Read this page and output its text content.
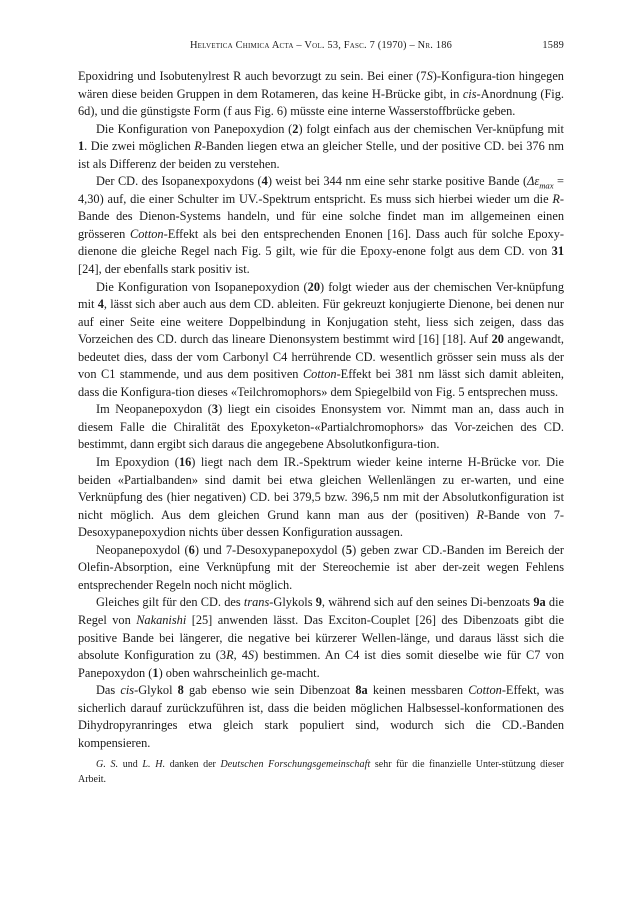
Helvetica Chimica Acta – Vol. 53, Fasc. 7 (1970) – Nr. 186	1589

Epoxidring und Isobutenylrest R auch bevorzugt zu sein. Bei einer (7S)-Konfigura-tion hingegen wären diese beiden Gruppen in dem Rotameren, das keine H-Brücke gibt, in cis-Anordnung (Fig. 6d), und die günstigste Form (f aus Fig. 6) müsste eine interne Wasserstoffbrücke geben.

Die Konfiguration von Panepoxydion (2) folgt einfach aus der chemischen Ver-knüpfung mit 1. Die zwei möglichen R-Banden liegen etwa an gleicher Stelle, und der positive CD. bei 376 nm ist als Differenz der beiden zu verstehen.

Der CD. des Isopanexpoxydons (4) weist bei 344 nm eine sehr starke positive Bande $(\Delta\varepsilon_{max} = 4,30)$ auf, die einer Schulter im UV.-Spektrum entspricht. Es muss sich hierbei wieder um die R-Bande des Dienon-Systems handeln, und für eine solche findet man im allgemeinen einen grösseren Cotton-Effekt als bei den entsprechenden Enonen [16]. Dass auch für solche Epoxy-dienone die gleiche Regel nach Fig. 5 gilt, wie für die Epoxy-enone folgt aus dem CD. von 31 [24], der ebenfalls stark positiv ist.

Die Konfiguration von Isopanepoxydion (20) folgt wieder aus der chemischen Ver-knüpfung mit 4, lässt sich aber auch aus dem CD. ableiten. Für gekreuzt konjugierte Dienone, bei denen nur auf einer Seite eine weitere Doppelbindung in Konjugation steht, liess sich zeigen, dass das Vorzeichen des CD. durch das lineare Dienonsystem bestimmt wird [16] [18]. Auf 20 angewandt, bedeutet dies, dass der vom Carbonyl C4 herrührende CD. wesentlich grösser sein muss als der von C1 stammende, und aus dem positiven Cotton-Effekt bei 381 nm lässt sich damit ableiten, dass die Konfigura-tion dieses «Teilchromophors» dem Spiegelbild von Fig. 5 entsprechen muss.

Im Neopanepoxydon (3) liegt ein cisoides Enonsystem vor. Nimmt man an, dass auch in diesem Falle die Chiralität des Epoxyketon-«Partialchromophors» das Vor-zeichen des CD. bestimmt, dann ergibt sich daraus die angegebene Absolutkonfigura-tion.

Im Epoxydion (16) liegt nach dem IR.-Spektrum wieder keine interne H-Brücke vor. Die beiden «Partialbanden» sind damit bei etwa gleichen Wellenlängen zu er-warten, und eine Verknüpfung des (hier negativen) CD. bei 379,5 bzw. 396,5 nm mit der Absolutkonfiguration ist nicht möglich. Aus dem gleichen Grund kann man aus der (positiven) R-Bande von 7-Desoxypanepoxydion nichts über dessen Konfiguration aussagen.

Neopanepoxydol (6) und 7-Desoxypanepoxydol (5) geben zwar CD.-Banden im Bereich der Olefin-Absorption, eine Verknüpfung mit der Stereochemie ist aber der-zeit wegen Fehlens entsprechender Regeln noch nicht möglich.

Gleiches gilt für den CD. des trans-Glykols 9, während sich auf den seines Di-benzoats 9a die Regel von Nakanishi [25] anwenden lässt. Das Exciton-Couplet [26] des Dibenzoats gibt die positive Bande bei längerer, die negative bei kürzerer Wellen-länge, und daraus lässt sich die absolute Konfiguration zu (3R, 4S) bestimmen. An C4 ist dies somit dieselbe wie für C7 von Panepoxydon (1) oben wahrscheinlich ge-macht.

Das cis-Glykol 8 gab ebenso wie sein Dibenzoat 8a keinen messbaren Cotton-Effekt, was sicherlich darauf zurückzuführen ist, dass die beiden möglichen Halbsessel-konformationen des Dihydropyranringes etwa gleich stark populiert sind, wodurch sich die CD.-Banden kompensieren.

G. S. und L. H. danken der Deutschen Forschungsgemeinschaft sehr für die finanzielle Unter-stützung dieser Arbeit.
